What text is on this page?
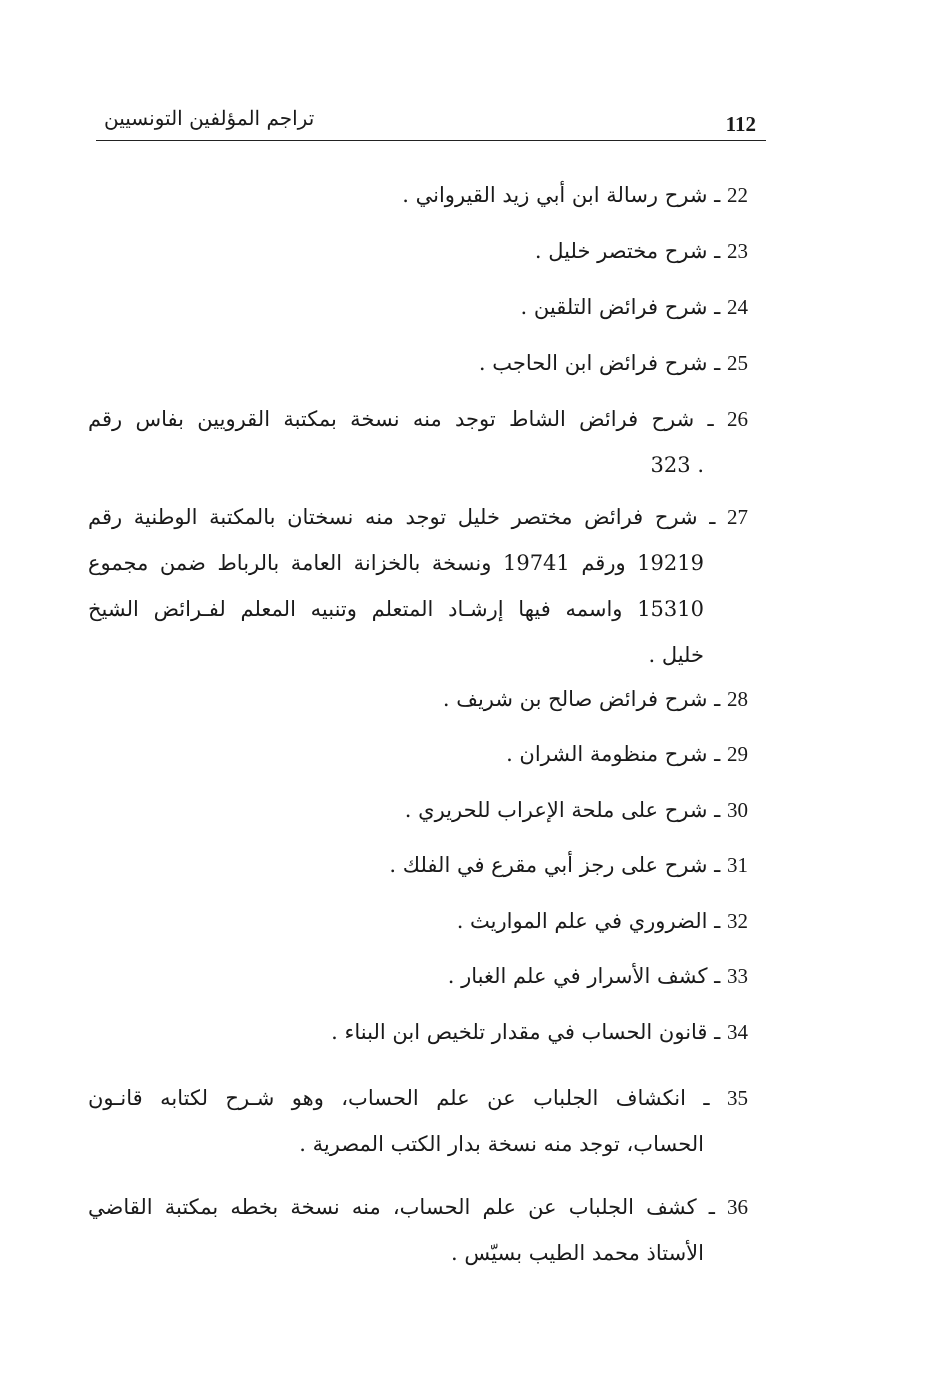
112
تراجم المؤلفين التونسيين
22 ـ شرح رسالة ابن أبي زيد القيرواني .
23 ـ شرح مختصر خليل .
24 ـ شرح فرائض التلقين .
25 ـ شرح فرائض ابن الحاجب .
26 ـ شرح فرائض الشاط توجد منه نسخة بمكتبة القرويين بفاس رقم
. 323
27 ـ شرح فرائض مختصر خليل توجد منه نسختان بالمكتبة الوطنية رقم
19219 ورقم 19741 ونسخة بالخزانة العامة بالرباط ضمن مجموع
15310 واسمه فيها إرشـاد المتعلم وتنبيه المعلم لفـرائض الشيخ
خليل .
28 ـ شرح فرائض صالح بن شريف .
29 ـ شرح منظومة الشران .
30 ـ شرح على ملحة الإعراب للحريري .
31 ـ شرح على رجز أبي مقرع في الفلك .
32 ـ الضروري في علم المواريث .
33 ـ كشف الأسرار في علم الغبار .
34 ـ قانون الحساب في مقدار تلخيص ابن البناء .
35 ـ انكشاف الجلباب عن علم الحساب، وهو شـرح لكتابه قانـون
الحساب، توجد منه نسخة بدار الكتب المصرية .
36 ـ كشف الجلباب عن علم الحساب، منه نسخة بخطه بمكتبة القاضي
الأستاذ محمد الطيب بسيّس .
